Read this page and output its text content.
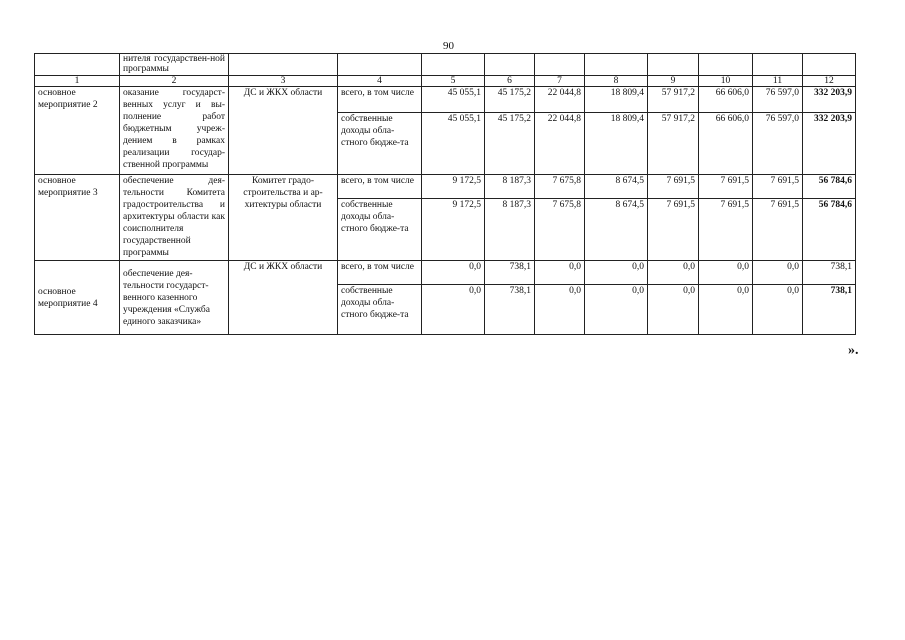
90
	нителя государствен-ной программы										
1	2	3	4	5	6	7	8	9	10	11	12
основное мероприятие 2	оказание государст-венных услуг и вы-полнение работ бюджетным учреж-дением в рамках реализации государ-ственной программы	ДС и ЖКХ области	всего, в том числе	45 055,1	45 175,2	22 044,8	18 809,4	57 917,2	66 606,0	76 597,0	332 203,9
			собственные доходы обла-стного бюдже-та	45 055,1	45 175,2	22 044,8	18 809,4	57 917,2	66 606,0	76 597,0	332 203,9
основное мероприятие 3	обеспечение дея-тельности Комитета градостроительства и архитектуры области как соисполнителя государственной программы	Комитет градо-строительства и ар-хитектуры области	всего, в том числе	9 172,5	8 187,3	7 675,8	8 674,5	7 691,5	7 691,5	7 691,5	56 784,6
			собственные доходы обла-стного бюдже-та	9 172,5	8 187,3	7 675,8	8 674,5	7 691,5	7 691,5	7 691,5	56 784,6
основное мероприятие 4	обеспечение дея-тельности государст-венного казенного учреждения «Служба единого заказчика»	ДС и ЖКХ области	всего, в том числе	0,0	738,1	0,0	0,0	0,0	0,0	0,0	738,1
			собственные доходы обла-стного бюдже-та	0,0	738,1	0,0	0,0	0,0	0,0	0,0	738,1
».
